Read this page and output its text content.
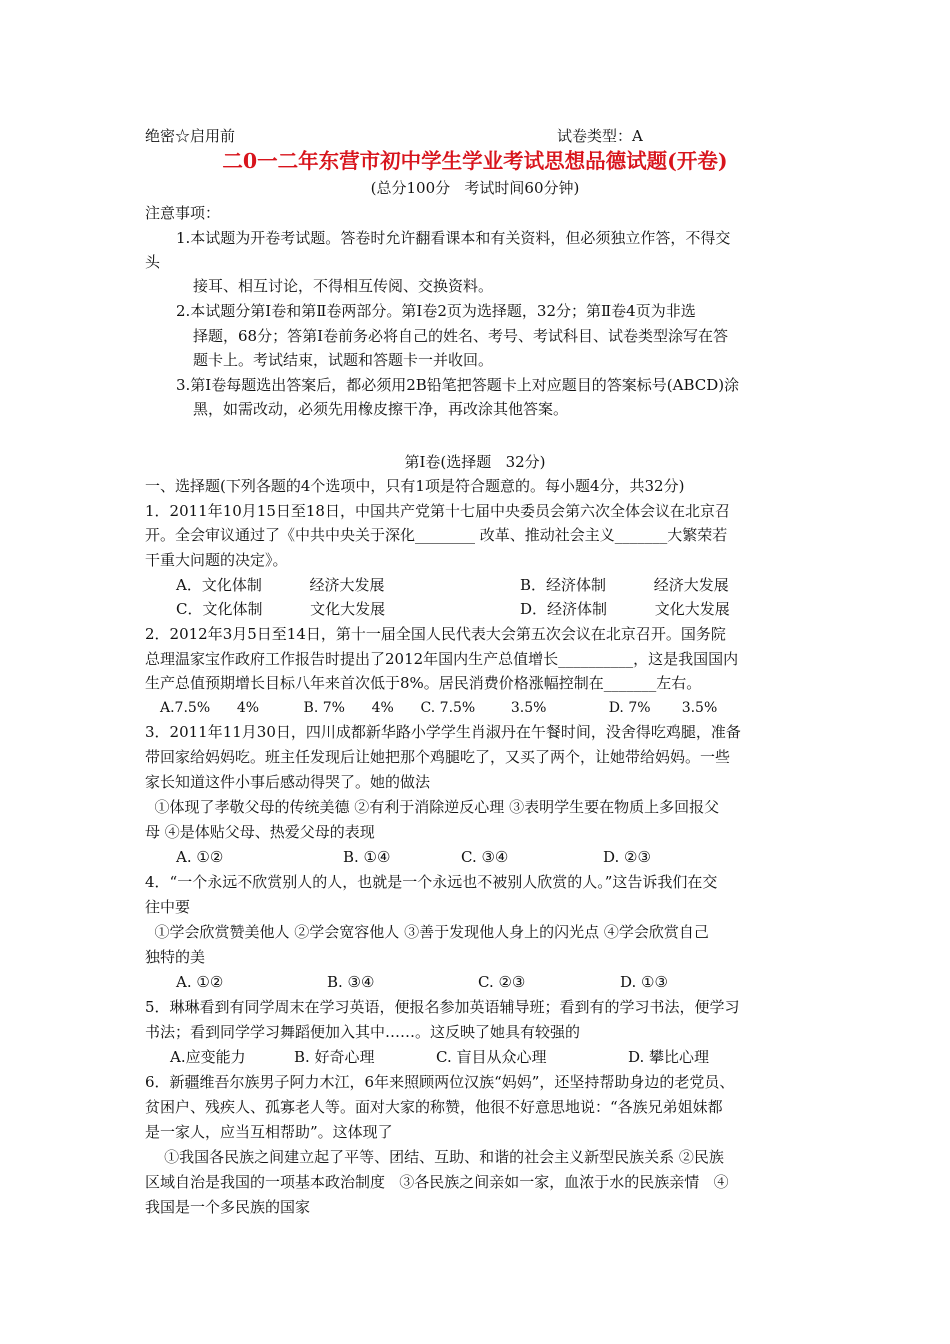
绝密☆启用前	试卷类型：A
二0一二年东营市初中学生学业考试思想品德试题(开卷)
(总分100分   考试时间60分钟)
注意事项：
1.本试题为开卷考试题。答卷时允许翻看课本和有关资料，但必须独立作答，不得交
头
接耳、相互讨论，不得相互传阅、交换资料。
2.本试题分第Ⅰ卷和第Ⅱ卷两部分。第Ⅰ卷2页为选择题，32分；第Ⅱ卷4页为非选
择题，68分；答第Ⅰ卷前务必将自己的姓名、考号、考试科目、试卷类型涂写在答
题卡上。考试结束，试题和答题卡一并收回。
3.第Ⅰ卷每题选出答案后，都必须用2B铅笔把答题卡上对应题目的答案标号(ABCD)涂
黑，如需改动，必须先用橡皮擦干净，再改涂其他答案。
第Ⅰ卷(选择题   32分)
一、选择题(下列各题的4个选项中，只有1项是符合题意的。每小题4分，共32分)
1．2011年10月15日至18日，中国共产党第十七届中央委员会第六次全体会议在北京召
开。全会审议通过了《中共中央关于深化________ 改革、推动社会主义_______大繁荣若
干重大问题的决定》。
A．文化体制          经济大发展	B．经济体制          经济大发展
C．文化体制          文化大发展	D．经济体制          文化大发展
2．2012年3月5日至14日，第十一届全国人民代表大会第五次会议在北京召开。国务院
总理温家宝作政府工作报告时提出了2012年国内生产总值增长__________，这是我国国内
生产总值预期增长目标八年来首次低于8%。居民消费价格涨幅控制在_______左右。
A.7.5%      4%          B. 7%      4%      C. 7.5%        3.5%              D. 7%       3.5%
3．2011年11月30日，四川成都新华路小学学生肖淑丹在午餐时间，没舍得吃鸡腿，准备
带回家给妈妈吃。班主任发现后让她把那个鸡腿吃了，又买了两个，让她带给妈妈。一些
家长知道这件小事后感动得哭了。她的做法
①体现了孝敬父母的传统美德 ②有利于消除逆反心理 ③表明学生要在物质上多回报父
母 ④是体贴父母、热爱父母的表现
A. ①②	B. ①④	C. ③④	D. ②③
4．“一个永远不欣赏别人的人，也就是一个永远也不被别人欣赏的人。”这告诉我们在交
往中要
①学会欣赏赞美他人 ②学会宽容他人 ③善于发现他人身上的闪光点 ④学会欣赏自己
独特的美
A. ①②	B. ③④	C. ②③	D. ①③
5．琳琳看到有同学周末在学习英语，便报名参加英语辅导班；看到有的学习书法，便学习
书法；看到同学学习舞蹈便加入其中……。这反映了她具有较强的
A.应变能力	B. 好奇心理	C. 盲目从众心理	D. 攀比心理
6．新疆维吾尔族男子阿力木江，6年来照顾两位汉族“妈妈”，还坚持帮助身边的老党员、
贫困户、残疾人、孤寡老人等。面对大家的称赞，他很不好意思地说：“各族兄弟姐妹都
是一家人，应当互相帮助”。这体现了
①我国各民族之间建立起了平等、团结、互助、和谐的社会主义新型民族关系 ②民族
区域自治是我国的一项基本政治制度   ③各民族之间亲如一家，血浓于水的民族亲情   ④
我国是一个多民族的国家
